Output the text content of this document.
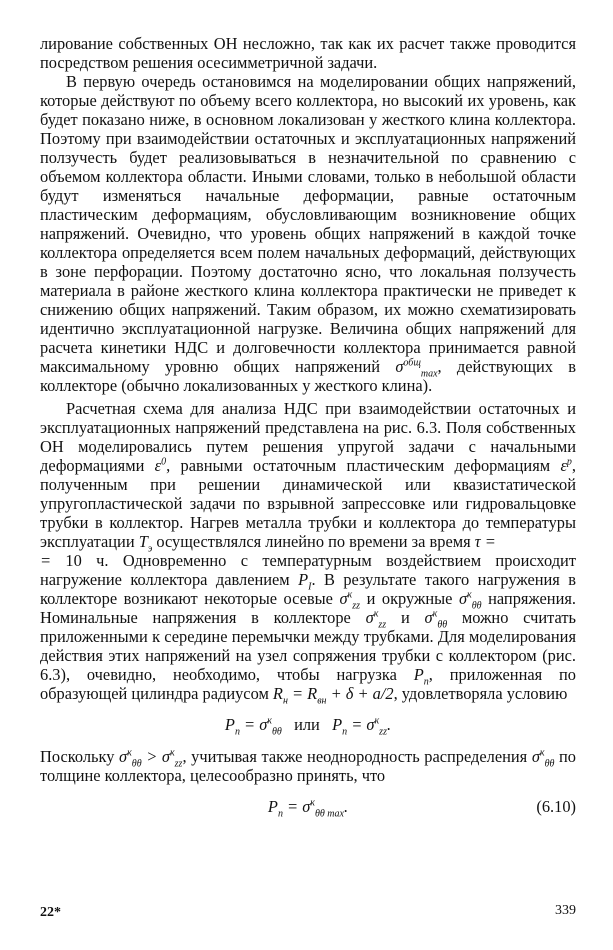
лирование собственных ОН несложно, так как их расчет также проводится посредством решения осесимметричной задачи.

В первую очередь остановимся на моделировании общих напряжений, которые действуют по объему всего коллектора, но высокий их уровень, как будет показано ниже, в основном локализован у жесткого клина коллектора. Поэтому при взаимодействии остаточных и эксплуатационных напряжений ползучесть будет реализовываться в незначительной по сравнению с объемом коллектора области. Иными словами, только в небольшой области будут изменяться начальные деформации, равные остаточным пластическим деформациям, обусловливающим возникновение общих напряжений. Очевидно, что уровень общих напряжений в каждой точке коллектора определяется всем полем начальных деформаций, действующих в зоне перфорации. Поэтому достаточно ясно, что локальная ползучесть материала в районе жесткого клина коллектора практически не приведет к снижению общих напряжений. Таким образом, их можно схематизировать идентично эксплуатационной нагрузке. Величина общих напряжений для расчета кинетики НДС и долговечности коллектора принимается равной максимальному уровню общих напряжений $\sigma^{общ}_{max}$, действующих в коллекторе (обычно локализованных у жесткого клина).

Расчетная схема для анализа НДС при взаимодействии остаточных и эксплуатационных напряжений представлена на рис. 6.3. Поля собственных ОН моделировались путем решения упругой задачи с начальными деформациями $\varepsilon^0$, равными остаточным пластическим деформациям $\varepsilon^p$, полученным при решении динамической или квазистатической упругопластической задачи по взрывной запрессовке или гидровальцовке трубки в коллектор. Нагрев металла трубки и коллектора до температуры эксплуатации $T_э$ осуществлялся линейно по времени за время τ =
= 10 ч. Одновременно с температурным воздействием происходит нагружение коллектора давлением $P_I$. В результате такого нагружения в коллекторе возникают некоторые осевые $\sigma^к_{zz}$ и окружные $\sigma^к_{\theta\theta}$ напряжения. Номинальные напряжения в коллекторе $\sigma^к_{zz}$ и $\sigma^к_{\theta\theta}$ можно считать приложенными к середине перемычки между трубками. Для моделирования действия этих напряжений на узел сопряжения трубки с коллектором (рис. 6.3), очевидно, необходимо, чтобы нагрузка $P_п$, приложенная по образующей цилиндра радиусом $R_н = R_{вн} + \delta + a/2$, удовлетворяла условию

$P_п = \sigma^к_{\theta\theta}$ или $P_п = \sigma^к_{zz}$.

Поскольку $\sigma^к_{\theta\theta} > \sigma^к_{zz}$, учитывая также неоднородность распределения $\sigma^к_{\theta\theta}$ по толщине коллектора, целесообразно принять, что

$P_п = \sigma^к_{\theta\theta max}$.	(6.10)
22*	339
